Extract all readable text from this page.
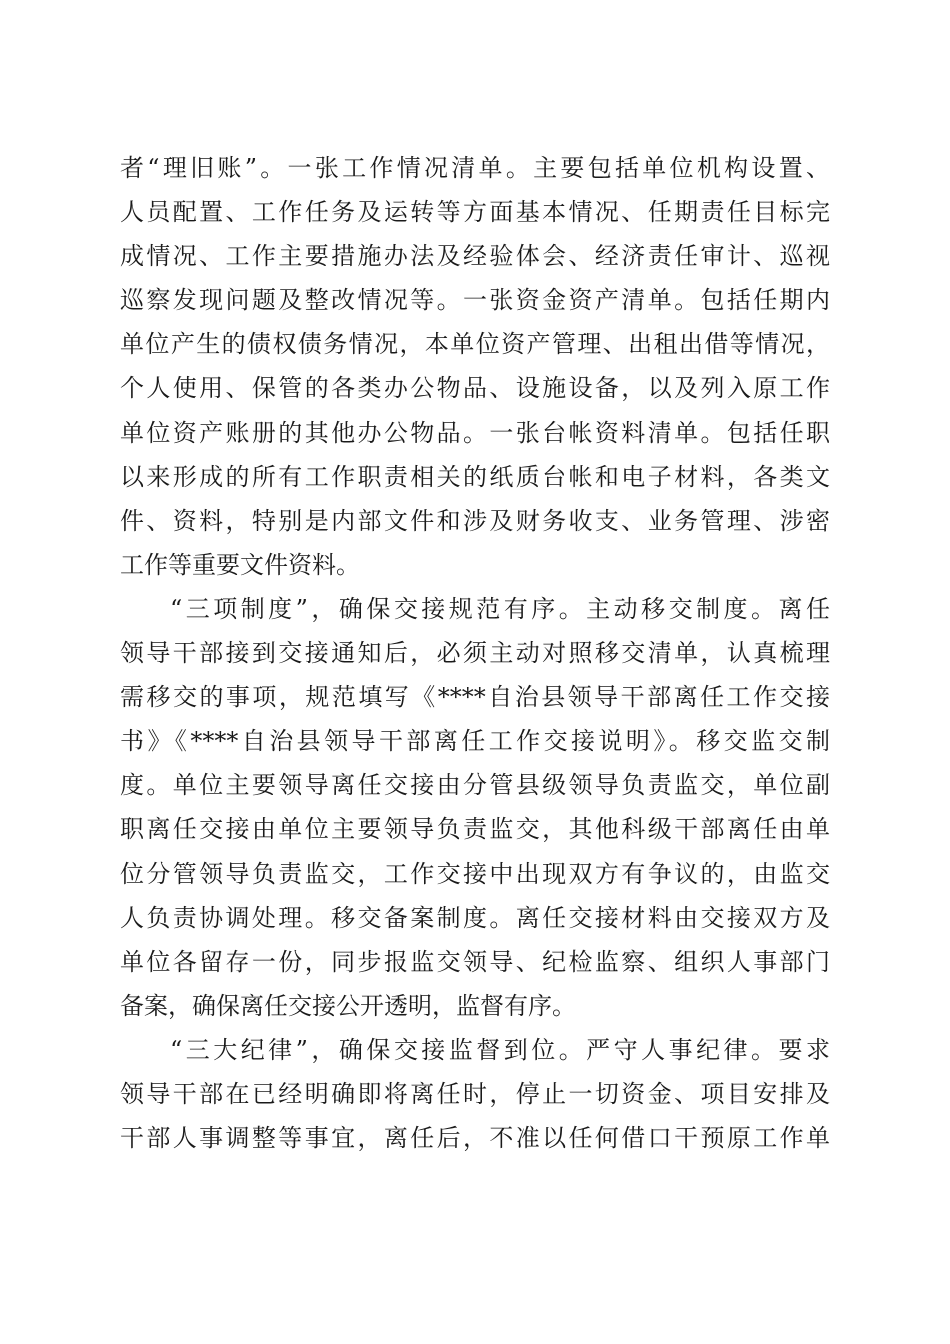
者“理旧账”。一张工作情况清单。主要包括单位机构设置、
人员配置、工作任务及运转等方面基本情况、任期责任目标完
成情况、工作主要措施办法及经验体会、经济责任审计、巡视
巡察发现问题及整改情况等。一张资金资产清单。包括任期内
单位产生的债权债务情况，本单位资产管理、出租出借等情况，
个人使用、保管的各类办公物品、设施设备，以及列入原工作
单位资产账册的其他办公物品。一张台帐资料清单。包括任职
以来形成的所有工作职责相关的纸质台帐和电子材料，各类文
件、资料，特别是内部文件和涉及财务收支、业务管理、涉密
工作等重要文件资料。
“三项制度”，确保交接规范有序。主动移交制度。离任
领导干部接到交接通知后，必须主动对照移交清单，认真梳理
需移交的事项，规范填写《****自治县领导干部离任工作交接
书》《****自治县领导干部离任工作交接说明》。移交监交制
度。单位主要领导离任交接由分管县级领导负责监交，单位副
职离任交接由单位主要领导负责监交，其他科级干部离任由单
位分管领导负责监交，工作交接中出现双方有争议的，由监交
人负责协调处理。移交备案制度。离任交接材料由交接双方及
单位各留存一份，同步报监交领导、纪检监察、组织人事部门
备案，确保离任交接公开透明，监督有序。
“三大纪律”，确保交接监督到位。严守人事纪律。要求
领导干部在已经明确即将离任时，停止一切资金、项目安排及
干部人事调整等事宜，离任后，不准以任何借口干预原工作单
